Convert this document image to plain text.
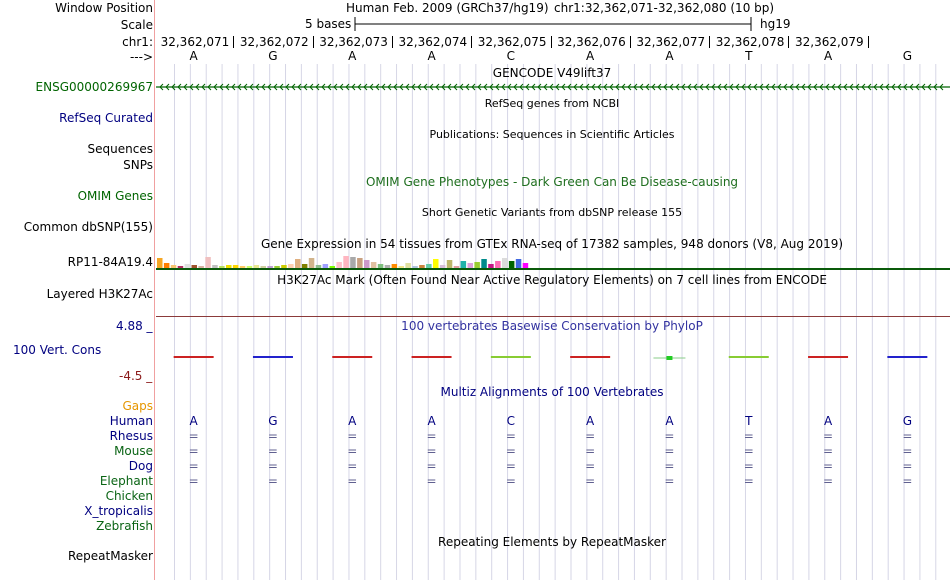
Window Position	Human Feb. 2009 (GRCh37/hg19) chr1:32,362,071-32,362,080 (10 bp)
Scale	5 bases	hg19
chr1: 32,362,071 32,362,072 32,362,073 32,362,074 32,362,075 32,362,076 32,362,077 32,362,078 32,362,079
--->	A	G	A	A	C	A	A	T	A	G
GENCODE V49lift37
ENSG00000269967
RefSeq genes from NCBI
RefSeq Curated
Publications: Sequences in Scientific Articles
Sequences
SNPs
OMIM Gene Phenotypes - Dark Green Can Be Disease-causing
OMIM Genes
Short Genetic Variants from dbSNP release 155
Common dbSNP(155)
Gene Expression in 54 tissues from GTEx RNA-seq of 17382 samples, 948 donors (V8, Aug 2019)
RP11-84A19.4
H3K27Ac Mark (Often Found Near Active Regulatory Elements) on 7 cell lines from ENCODE
Layered H3K27Ac
100 vertebrates Basewise Conservation by PhyloP
4.88 _
100 Vert. Cons
-4.5 _
Multiz Alignments of 100 Vertebrates
Gaps
Human	A	G	A	A	C	A	A	T	A	G
Rhesus	=	=	=	=	=	=	=	=	=	=
Mouse	=	=	=	=	=	=	=	=	=	=
Dog	=	=	=	=	=	=	=	=	=	=
Elephant	=	=	=	=	=	=	=	=	=	=
Chicken
X_tropicalis
Zebrafish
Repeating Elements by RepeatMasker
RepeatMasker
